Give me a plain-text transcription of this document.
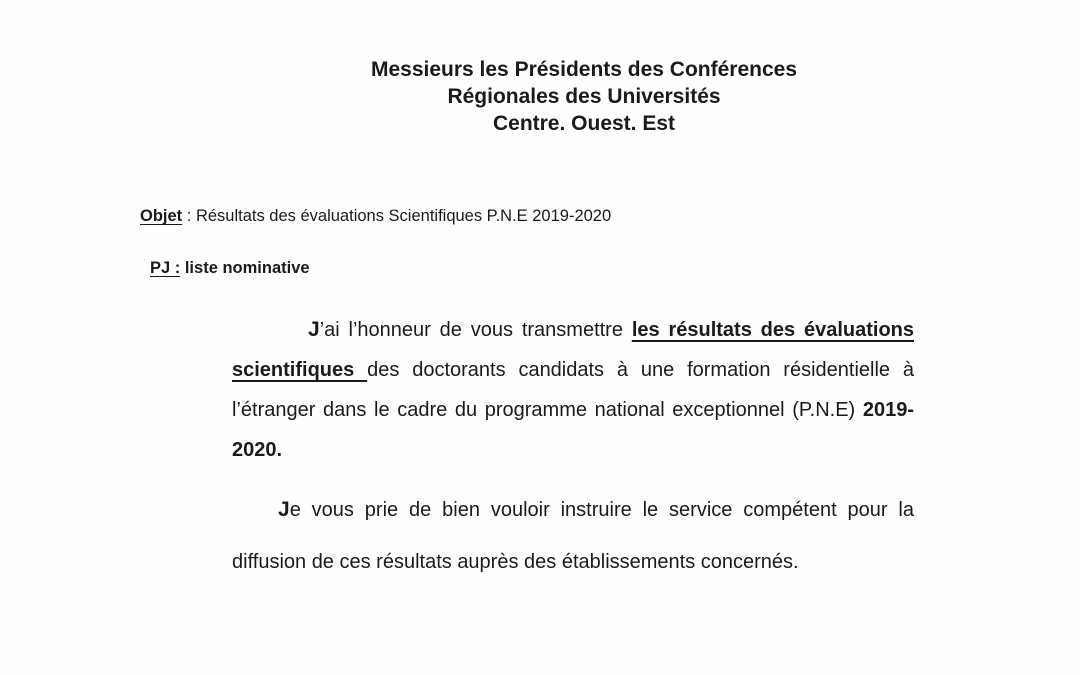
Messieurs les Présidents des Conférences
Régionales des Universités
Centre. Ouest. Est
Objet : Résultats des évaluations Scientifiques P.N.E 2019-2020
PJ : liste nominative
J’ai l’honneur de vous transmettre les résultats des évaluations scientifiques des doctorants candidats à une formation résidentielle à l’étranger dans le cadre du programme national exceptionnel (P.N.E) 2019-2020.
Je vous prie de bien vouloir instruire le service compétent pour la diffusion de ces résultats auprès des établissements concernés.
